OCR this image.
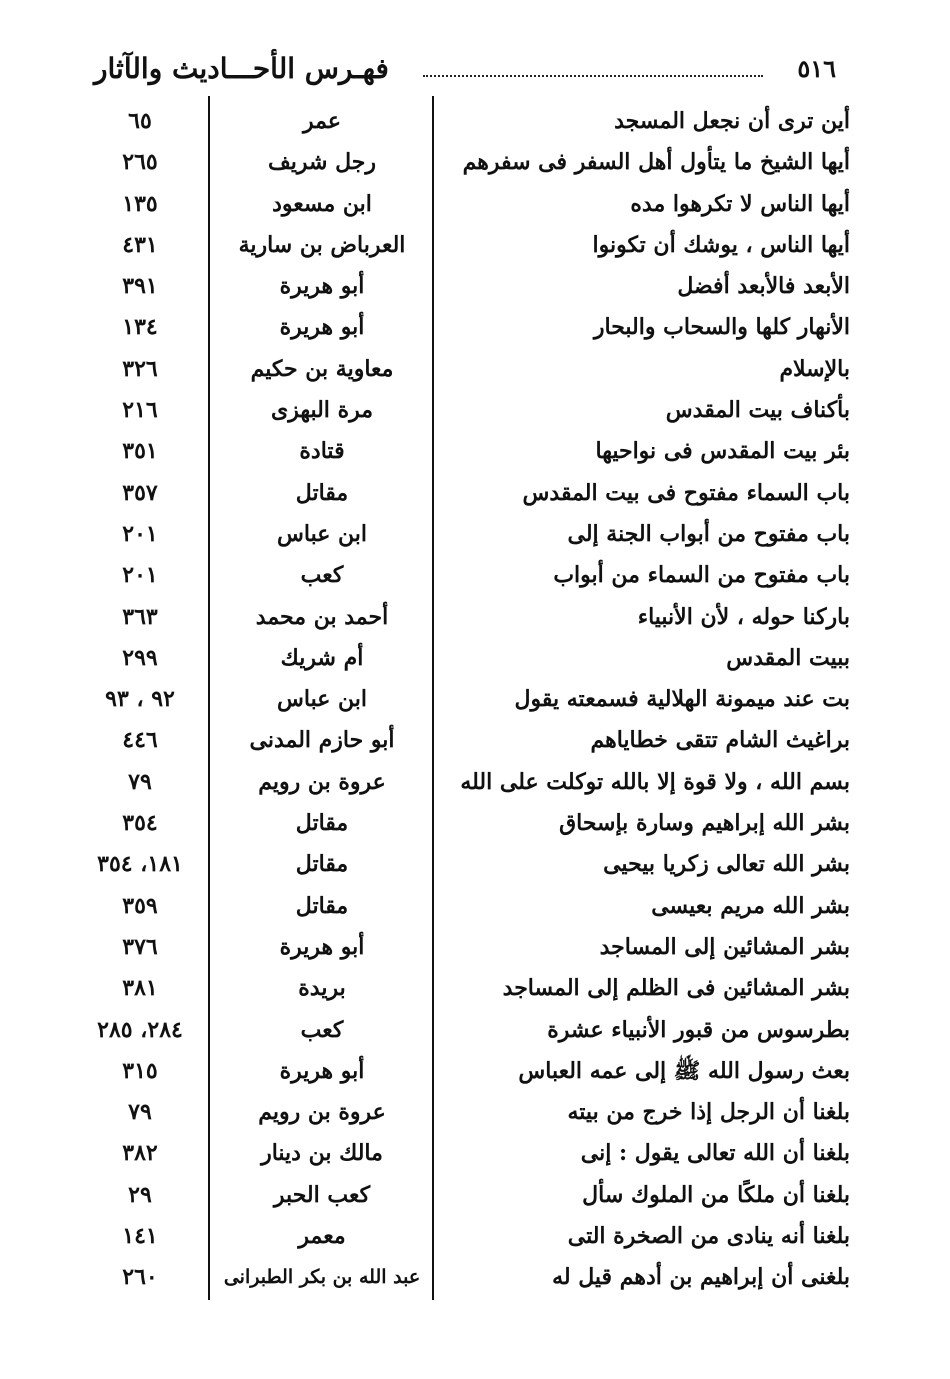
فهـرس الأحـــاديث والآثار	٥١٦
أين ترى أن نجعل المسجد
عمر
٦٥
أيها الشيخ ما يتأول أهل السفر فى سفرهم
رجل شريف
٢٦٥
أيها الناس لا تكرهوا مده
ابن مسعود
١٣٥
أيها الناس ، يوشك أن تكونوا
العرباض بن سارية
٤٣١
الأبعد فالأبعد أفضل
أبو هريرة
٣٩١
الأنهار كلها والسحاب والبحار
أبو هريرة
١٣٤
بالإسلام
معاوية بن حكيم
٣٢٦
بأكناف بيت المقدس
مرة البهزى
٢١٦
بئر بيت المقدس فى نواحيها
قتادة
٣٥١
باب السماء مفتوح فى بيت المقدس
مقاتل
٣٥٧
باب مفتوح من أبواب الجنة إلى
ابن عباس
٢٠١
باب مفتوح من السماء من أبواب
كعب
٢٠١
باركنا حوله ، لأن الأنبياء
أحمد بن محمد
٣٦٣
ببيت المقدس
أم شريك
٢٩٩
بت عند ميمونة الهلالية فسمعته يقول
ابن عباس
٩٢ ، ٩٣
براغيث الشام تتقى خطاياهم
أبو حازم المدنى
٤٤٦
بسم الله ، ولا قوة إلا بالله توكلت على الله
عروة بن رويم
٧٩
بشر الله إبراهيم وسارة بإسحاق
مقاتل
٣٥٤
بشر الله تعالى زكريا بيحيى
مقاتل
١٨١، ٣٥٤
بشر الله مريم بعيسى
مقاتل
٣٥٩
بشر المشائين إلى المساجد
أبو هريرة
٣٧٦
بشر المشائين فى الظلم إلى المساجد
بريدة
٣٨١
بطرسوس من قبور الأنبياء عشرة
كعب
٢٨٤، ٢٨٥
بعث رسول الله ﷺ إلى عمه العباس
أبو هريرة
٣١٥
بلغنا أن الرجل إذا خرج من بيته
عروة بن رويم
٧٩
بلغنا أن الله تعالى يقول : إنى
مالك بن دينار
٣٨٢
بلغنا أن ملكًا من الملوك سأل
كعب الحبر
٢٩
بلغنا أنه ينادى من الصخرة التى
معمر
١٤١
بلغنى أن إبراهيم بن أدهم قيل له
عبد الله بن بكر الطبرانى
٢٦٠
